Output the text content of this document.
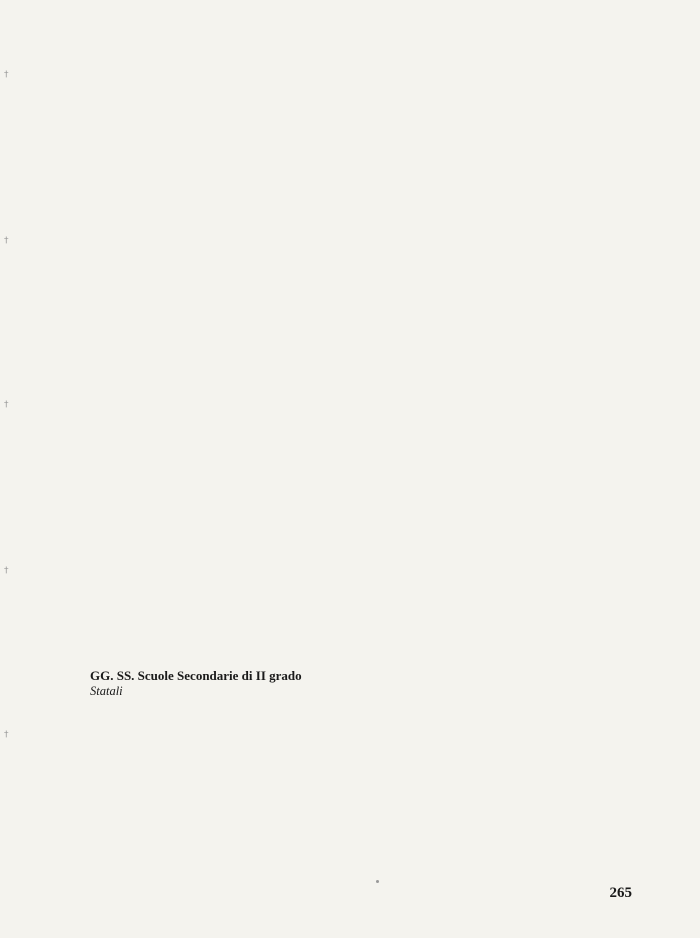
†
†
†
†
†
GG. SS. Scuole Secondarie di II grado
Statali
265
